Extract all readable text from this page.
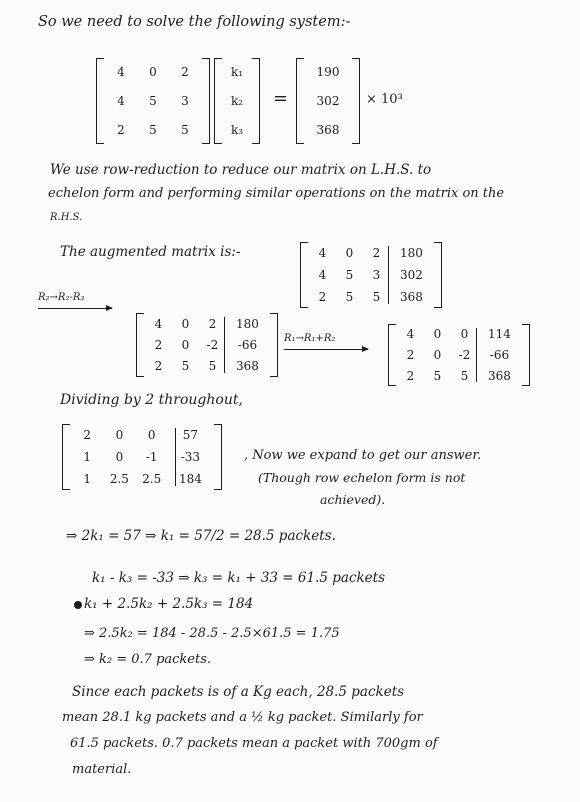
So we need to solve the following system:-
4 0 2
4 5 3
2 5 5
k₁
k₂
k₃
=
190
302
368
× 10³
We use row-reduction to reduce our matrix on L.H.S. to
echelon form and performing similar operations on the matrix on the
R.H.S.
The augmented matrix is:-	4 0 2 180
4 5 3 302
2 5 5 368
R₂→R₂-R₃
4 0 2 180
2 0 -2 -66
2 5 5 368
R₁→R₁+R₂	4 0 0 114
2 0 -2 -66
2 5 5 368
Dividing by 2 throughout,
2 0 0 57
1 0 -1 -33
1 2.5 2.5 184
, Now we expand to get our answer.
(Though row echelon form is not
achieved).
⇒ 2k₁ = 57 ⇒ k₁ = 57/2 = 28.5 packets.
k₁ - k₃ = -33 ⇒ k₃ = k₁ + 33 = 61.5 packets
k₁ + 2.5k₂ + 2.5k₃ = 184
⇒ 2.5k₂ = 184 - 28.5 - 2.5×61.5 = 1.75
⇒ k₂ = 0.7 packets.
Since each packets is of a Kg each, 28.5 packets
mean 28.1 kg packets and a ½ kg packet. Similarly for
61.5 packets. 0.7 packets mean a packet with 700gm of
material.
